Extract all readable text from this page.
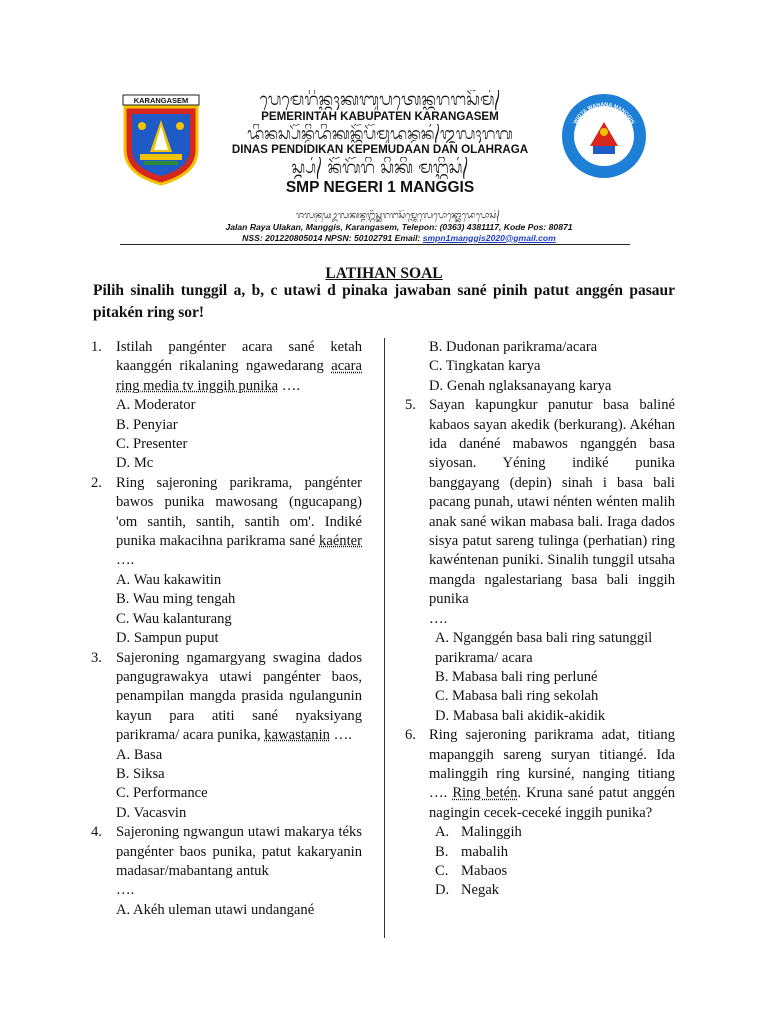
KARANGASEM	ᬧᬾᬫᬾᬭᬶᬦ᭄ᬢᬄᬓᬩᬸᬧᬢᬾᬦ᭄ᬓᬭᬗᬲᭂᬫ᭄
PEMERINTAH KABUPATEN KARANGASEM
ᬤᬶᬦᬲ᭄ᬧᭂᬦ᭄ᬤᬶᬤᬶᬓᬦ᭄ᬓᭂᬧᭂᬫᬸᬤᬦ᭄ᬤᬦ᭄ᬑᬮᬄᬭᬕ
DINAS PENDIDIKAN KEPEMUDAAN DAN OLAHRAGA
ᬲ᭄ᬫ᭄ᬧ᭄ ᬦᭂᬕᭂᬭᬶ ᬲᬶᬓᬶ ᬫᬗ᭄ᬕᬶᬲ᭄
SMP NEGERI 1 MANGGIS
WIDYA WAHANA MANGGIS
ᬚᬮᬦ᭄ᬭᬬᬉᬮᬓᬦ᭄ᬫᬗ᭄ᬕᬶᬲ᭄ᬓᬭᬗᬲᭂᬫ᭄ᬢᬾᬮᬾᬧᭀᬦ᭄ᬓᭀᬤᬾᬧᭀᬲ᭄
Jalan Raya Ulakan, Manggis, Karangasem, Telepon: (0363) 4381117, Kode Pos: 80871
NSS: 201220805014 NPSN: 50102791 Email: smpn1manggis2020@gmail.com
LATIHAN SOAL
Pilih sinalih tunggil a, b, c utawi d pinaka jawaban sané pinih patut anggén pasaur pitakén ring sor!
1. Istilah pangénter acara sané ketah kaanggén rikalaning ngawedarang acara ring media tv inggih punika ….
A. Moderator
B. Penyiar
C. Presenter
D. Mc
2. Ring sajeroning parikrama, pangénter bawos punika mawosang (ngucapang) 'om santih, santih, santih om'. Indiké punika makacihna parikrama sané kaénter ….
A. Wau kakawitin
B. Wau ming tengah
C. Wau kalanturang
D. Sampun puput
3. Sajeroning ngamargyang swagina dados pangugrawakya utawi pangénter baos, penampilan mangda prasida ngulangunin kayun para atiti sané nyaksiyang parikrama/ acara punika, kawastanin ….
A. Basa
B. Siksa
C. Performance
D. Vacasvin
4. Sajeroning ngwangun utawi makarya téks pangénter baos punika, patut kakaryanin madasar/mabantang antuk
….
A. Akéh uleman utawi undangané
B. Dudonan parikrama/acara
C. Tingkatan karya
D. Genah nglaksanayang karya
5. Sayan kapungkur panutur basa baliné kabaos sayan akedik (berkurang). Akéhan ida danéné mabawos nganggén basa siyosan. Yéning indiké punika banggayang (depin) sinah i basa bali pacang punah, utawi nénten wénten malih anak sané wikan mabasa bali. Iraga dados sisya patut sareng tulinga (perhatian) ring kawéntenan puniki. Sinalih tunggil utsaha mangda ngalestariang basa bali inggih punika
….
A. Nganggén basa bali ring satunggil parikrama/ acara
B. Mabasa bali ring perluné
C. Mabasa bali ring sekolah
D. Mabasa bali akidik-akidik
6. Ring sajeroning parikrama adat, titiang mapanggih sareng suryan titiangé. Ida malinggih ring kursiné, nanging titiang …. Ring betén. Kruna sané patut anggén nagingin cecek-ceceké inggih punika?
A. Malinggih
B. mabalih
C. Mabaos
D. Negak
